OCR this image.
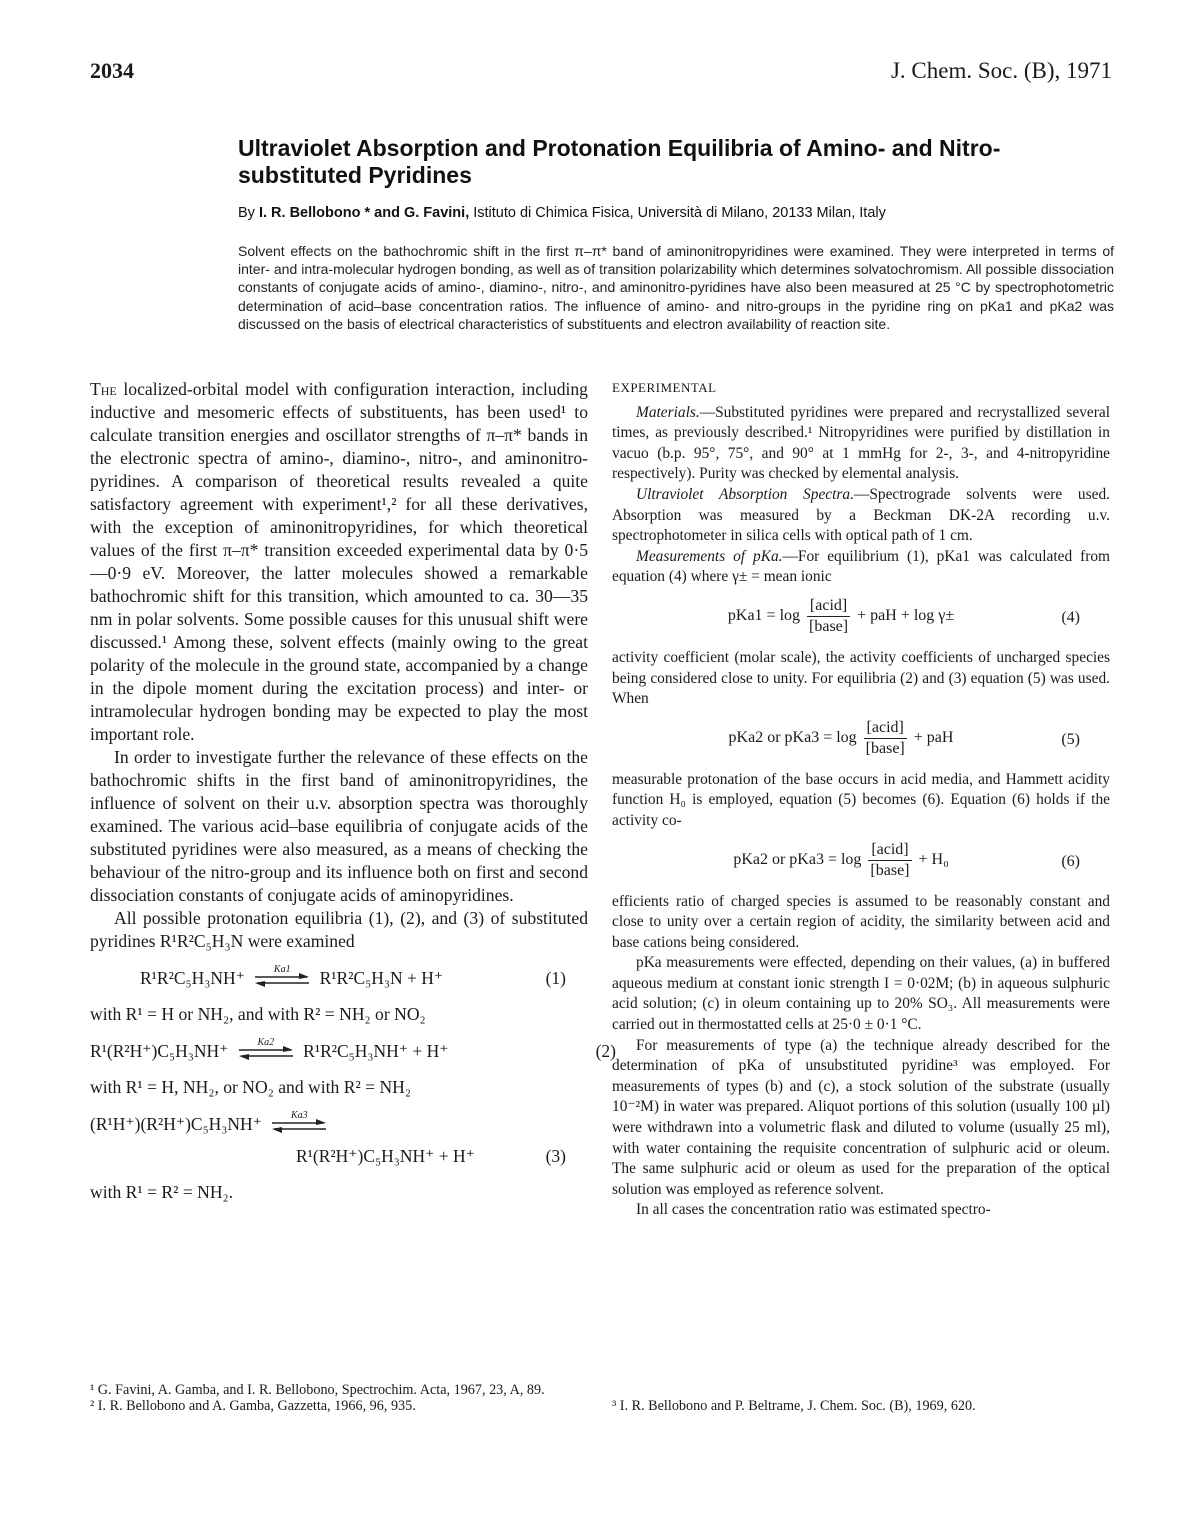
2034	J. Chem. Soc. (B), 1971
Ultraviolet Absorption and Protonation Equilibria of Amino- and Nitro-substituted Pyridines
By I. R. Bellobono * and G. Favini, Istituto di Chimica Fisica, Università di Milano, 20133 Milan, Italy
Solvent effects on the bathochromic shift in the first π–π* band of aminonitropyridines were examined. They were interpreted in terms of inter- and intra-molecular hydrogen bonding, as well as of transition polarizability which determines solvatochromism. All possible dissociation constants of conjugate acids of amino-, diamino-, nitro-, and aminonitro-pyridines have also been measured at 25 °C by spectrophotometric determination of acid–base concentration ratios. The influence of amino- and nitro-groups in the pyridine ring on pKa1 and pKa2 was discussed on the basis of electrical characteristics of substituents and electron availability of reaction site.

The localized-orbital model with configuration interaction, including inductive and mesomeric effects of substituents, has been used¹ to calculate transition energies and oscillator strengths of π–π* bands in the electronic spectra of amino-, diamino-, nitro-, and aminonitro-pyridines. A comparison of theoretical results revealed a quite satisfactory agreement with experiment¹,² for all these derivatives, with the exception of aminonitropyridines, for which theoretical values of the first π–π* transition exceeded experimental data by 0·5—0·9 eV. Moreover, the latter molecules showed a remarkable bathochromic shift for this transition, which amounted to ca. 30—35 nm in polar solvents. Some possible causes for this unusual shift were discussed.¹ Among these, solvent effects (mainly owing to the great polarity of the molecule in the ground state, accompanied by a change in the dipole moment during the excitation process) and inter- or intramolecular hydrogen bonding may be expected to play the most important role.

In order to investigate further the relevance of these effects on the bathochromic shifts in the first band of aminonitropyridines, the influence of solvent on their u.v. absorption spectra was thoroughly examined. The various acid–base equilibria of conjugate acids of the substituted pyridines were also measured, as a means of checking the behaviour of the nitro-group and its influence both on first and second dissociation constants of conjugate acids of aminopyridines.

All possible protonation equilibria (1), (2), and (3) of substituted pyridines R¹R²C₅H₃N were examined

R¹R²C₅H₃NH⁺	Ka1	R¹R²C₅H₃N + H⁺	(1)

with R¹ = H or NH₂, and with R² = NH₂ or NO₂

R¹(R²H⁺)C₅H₃NH⁺	Ka2	R¹R²C₅H₃NH⁺ + H⁺	(2)

with R¹ = H, NH₂, or NO₂ and with R² = NH₂

(R¹H⁺)(R²H⁺)C₅H₃NH⁺	Ka3
R¹(R²H⁺)C₅H₃NH⁺ + H⁺	(3)

with R¹ = R² = NH₂.

EXPERIMENTAL

Materials.—Substituted pyridines were prepared and recrystallized several times, as previously described.¹ Nitropyridines were purified by distillation in vacuo (b.p. 95°, 75°, and 90° at 1 mmHg for 2-, 3-, and 4-nitropyridine respectively). Purity was checked by elemental analysis.

Ultraviolet Absorption Spectra.—Spectrograde solvents were used. Absorption was measured by a Beckman DK-2A recording u.v. spectrophotometer in silica cells with optical path of 1 cm.

Measurements of pKa.—For equilibrium (1), pKa1 was calculated from equation (4) where γ± = mean ionic

$pKa1 = \log \frac{\text{[acid]}}{\text{[base]}}$ + paH + log γ±	(4)

activity coefficient (molar scale), the activity coefficients of uncharged species being considered close to unity. For equilibria (2) and (3) equation (5) was used. When

pKa2 or $pKa3 = \log \frac{\text{[acid]}}{\text{[base]}}$ + paH	(5)

measurable protonation of the base occurs in acid media, and Hammett acidity function H₀ is employed, equation (5) becomes (6). Equation (6) holds if the activity co-

pKa2 or $pKa3 = \log \frac{\text{[acid]}}{\text{[base]}} + H_0$	(6)

efficients ratio of charged species is assumed to be reasonably constant and close to unity over a certain region of acidity, the similarity between acid and base cations being considered.

pKa measurements were effected, depending on their values, (a) in buffered aqueous medium at constant ionic strength I = 0·02M; (b) in aqueous sulphuric acid solution; (c) in oleum containing up to 20% SO₃. All measurements were carried out in thermostatted cells at 25·0 ± 0·1 °C.

For measurements of type (a) the technique already described for the determination of pKa of unsubstituted pyridine³ was employed. For measurements of types (b) and (c), a stock solution of the substrate (usually 10⁻²M) in water was prepared. Aliquot portions of this solution (usually 100 µl) were withdrawn into a volumetric flask and diluted to volume (usually 25 ml), with water containing the requisite concentration of sulphuric acid or oleum. The same sulphuric acid or oleum as used for the preparation of the optical solution was employed as reference solvent.

In all cases the concentration ratio was estimated spectro-

¹ G. Favini, A. Gamba, and I. R. Bellobono, Spectrochim. Acta, 1967, 23, A, 89.

² I. R. Bellobono and A. Gamba, Gazzetta, 1966, 96, 935.	³ I. R. Bellobono and P. Beltrame, J. Chem. Soc. (B), 1969, 620.
